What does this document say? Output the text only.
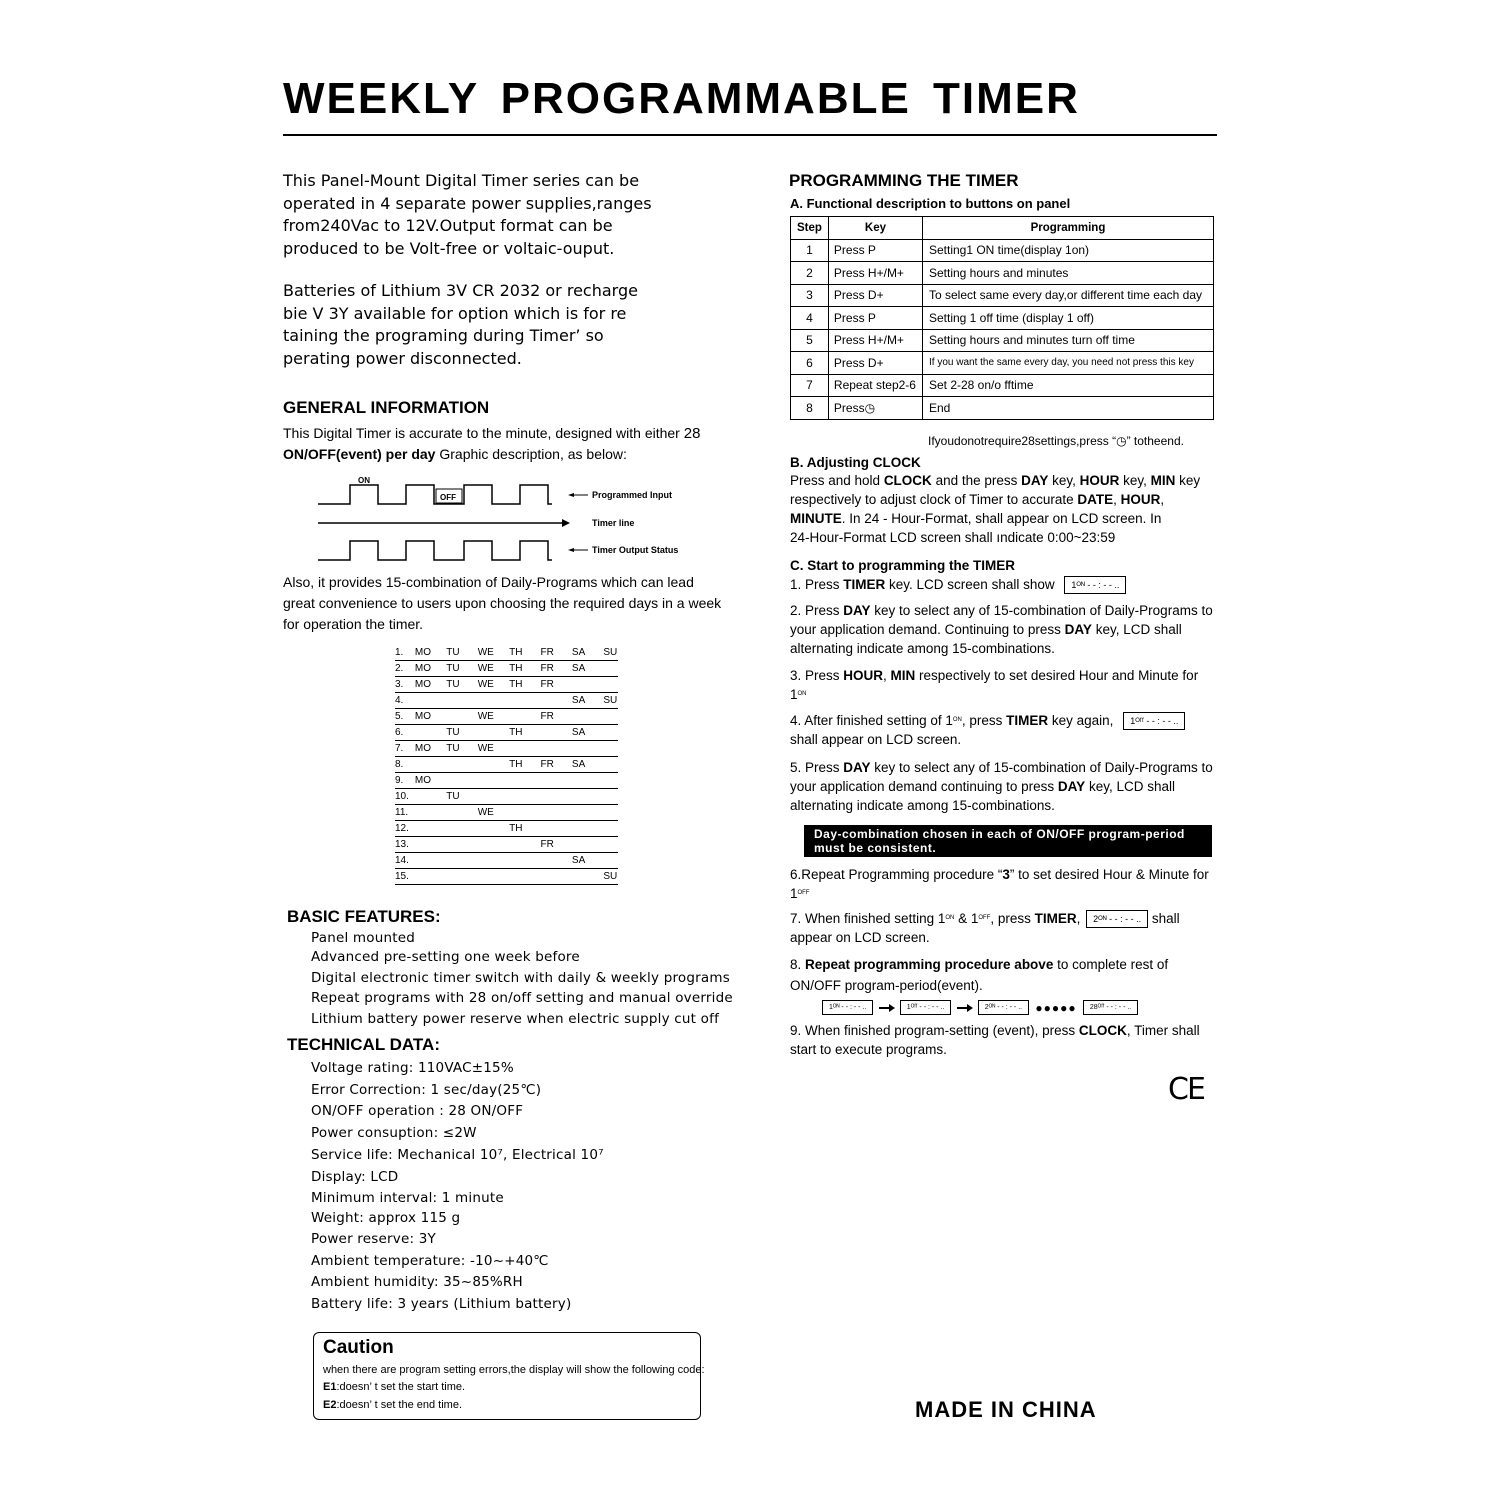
WEEKLY PROGRAMMABLE TIMER
This Panel-Mount Digital Timer series can be
operated in 4 separate power supplies,ranges
from240Vac to 12V.Output format can be
produced to be Volt-free or voltaic-ouput.
Batteries of Lithium 3V CR 2032 or recharge
bie V 3Y available for option which is for re
taining the programing during Timer’ so
perating power disconnected.
GENERAL INFORMATION
This Digital Timer is accurate to the minute, designed with either 28
ON/OFF(event) per day Graphic description, as below:
ON
OFF	Programmed Input
Timer line
Timer Output Status
Also, it provides 15-combination of Daily-Programs which can lead
great convenience to users upon choosing the required days in a week
for operation the timer.
1.	MO	TU	WE	TH	FR	SA	SU
2.	MO	TU	WE	TH	FR	SA	
3.	MO	TU	WE	TH	FR		
4.						SA	SU
5.	MO		WE		FR		
6.		TU		TH		SA	
7.	MO	TU	WE				
8.				TH	FR	SA	
9.	MO						
10.		TU					
11.			WE				
12.				TH			
13.					FR		
14.						SA	
15.							SU
BASIC FEATURES:
Panel mounted
Advanced pre-setting one week before
Digital electronic timer switch with daily & weekly programs
Repeat programs with 28 on/off setting and manual override
Lithium battery power reserve when electric supply cut off
TECHNICAL DATA:
Voltage rating: 110VAC±15%
Error Correction: 1 sec/day(25℃)
ON/OFF operation : 28 ON/OFF
Power consuption: ≤2W
Service life: Mechanical 10⁷, Electrical 10⁷
Display: LCD
Minimum interval: 1 minute
Weight: approx 115 g
Power reserve: 3Y
Ambient temperature: -10~+40℃
Ambient humidity: 35~85%RH
Battery life: 3 years (Lithium battery)
Caution
when there are program setting errors,the display will show the following code:
E1:doesn’ t set the start time.
E2:doesn’ t set the end time.
PROGRAMMING THE TIMER
A. Functional description to buttons on panel
Step	Key	Programming
1	Press P	Setting1 ON time(display 1on)
2	Press H+/M+	Setting hours and minutes
3	Press D+	To select same every day,or different time each day
4	Press P	Setting 1 off time (display 1 off)
5	Press H+/M+	Setting hours and minutes turn off time
6	Press D+	If you want the same every day, you need not press this key
7	Repeat step2-6	Set 2-28 on/o fftime
8	Press◷	End
Ifyoudonotrequire28settings,press “◷” totheend.
B. Adjusting CLOCK
Press and hold CLOCK and the press DAY key, HOUR key, MIN key
respectively to adjust clock of Timer to accurate DATE, HOUR,
MINUTE. In 24 - Hour-Format, shall appear on LCD screen. In
24-Hour-Format LCD screen shall ındicate 0:00~23:59
C. Start to programming the TIMER
1. Press TIMER key. LCD screen shall show 1ᴼᴺ - - : - - ..
2. Press DAY key to select any of 15-combination of Daily-Programs to
your application demand. Continuing to press DAY key, LCD shall
alternating indicate among 15-combinations.
3. Press HOUR, MIN respectively to set desired Hour and Minute for
$1^{ON}$
4. After finished setting of $1^{ON}$, press TIMER key again, 1ᴼᶠᶠ - - : - - ..
shall appear on LCD screen.
5. Press DAY key to select any of 15-combination of Daily-Programs to
your application demand continuing to press DAY key, LCD shall
alternating indicate among 15-combinations.
Day-combination chosen in each of ON/OFF program-period
must be consistent.
6.Repeat Programming procedure “3” to set desired Hour & Minute for
$1^{OFF}$
7. When finished setting $1^{ON}$ & $1^{OFF}$, press TIMER, 2ᴼᴺ - - : - - .. shall
appear on LCD screen.
8. Repeat programming procedure above to complete rest of
ON/OFF program-period(event).
1ᴼᴺ - - : - - ..	1ᴼᶠᶠ - - : - - ..	2ᴼᴺ - - : - - .. ●●●●● 28ᴼᶠᶠ - - : - - ..
9. When finished program-setting (event), press CLOCK, Timer shall
start to execute programs.
CE
MADE IN CHINA
